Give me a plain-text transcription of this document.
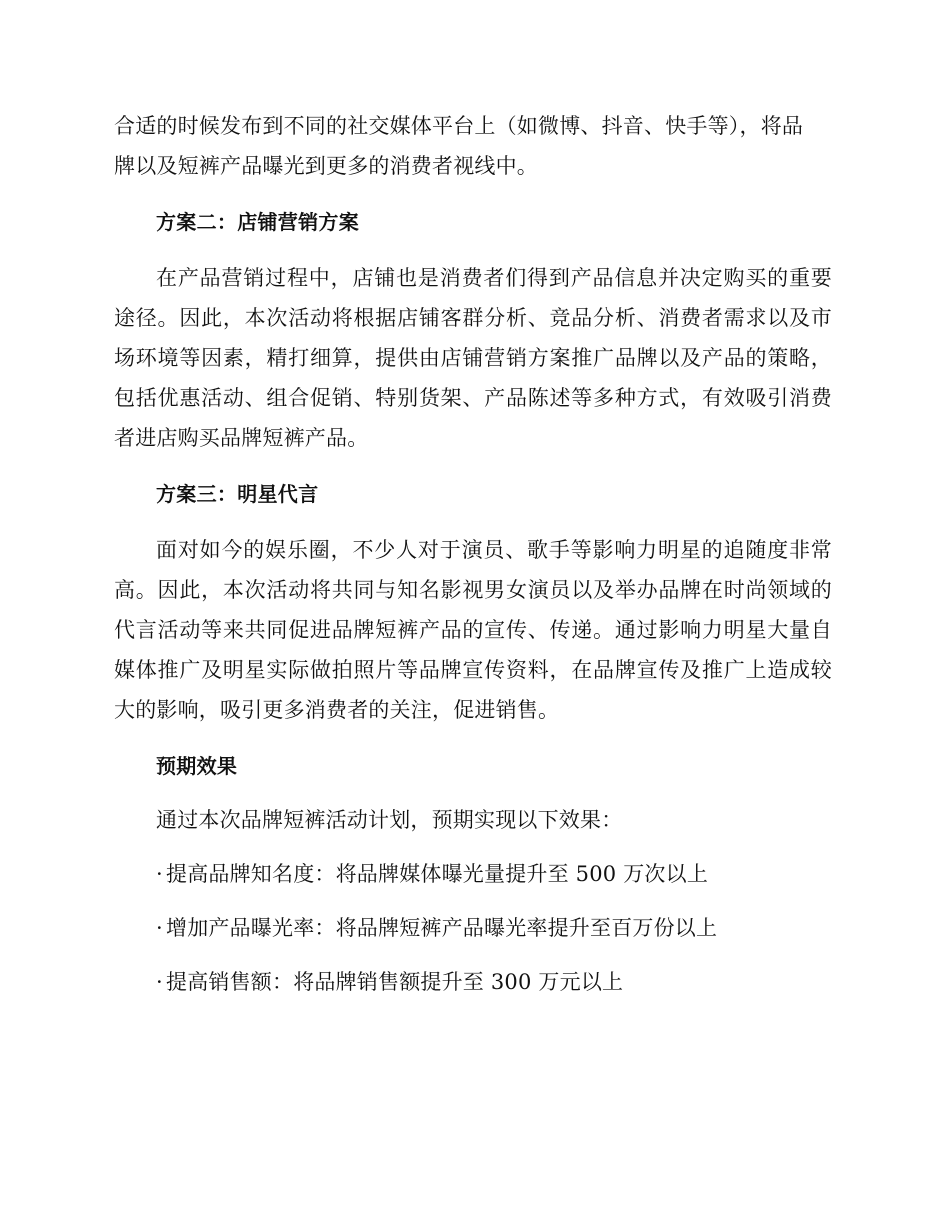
合适的时候发布到不同的社交媒体平台上（如微博、抖音、快手等），将品
牌以及短裤产品曝光到更多的消费者视线中。

方案二：店铺营销方案

在产品营销过程中，店铺也是消费者们得到产品信息并决定购买的重要途径。因此，本次活动将根据店铺客群分析、竞品分析、消费者需求以及市场环境等因素，精打细算，提供由店铺营销方案推广品牌以及产品的策略，包括优惠活动、组合促销、特别货架、产品陈述等多种方式，有效吸引消费者进店购买品牌短裤产品。

方案三：明星代言

面对如今的娱乐圈，不少人对于演员、歌手等影响力明星的追随度非常高。因此，本次活动将共同与知名影视男女演员以及举办品牌在时尚领域的代言活动等来共同促进品牌短裤产品的宣传、传递。通过影响力明星大量自媒体推广及明星实际做拍照片等品牌宣传资料，在品牌宣传及推广上造成较大的影响，吸引更多消费者的关注，促进销售。

预期效果

通过本次品牌短裤活动计划，预期实现以下效果：

· 提高品牌知名度：将品牌媒体曝光量提升至 500 万次以上

· 增加产品曝光率：将品牌短裤产品曝光率提升至百万份以上

· 提高销售额：将品牌销售额提升至 300 万元以上
